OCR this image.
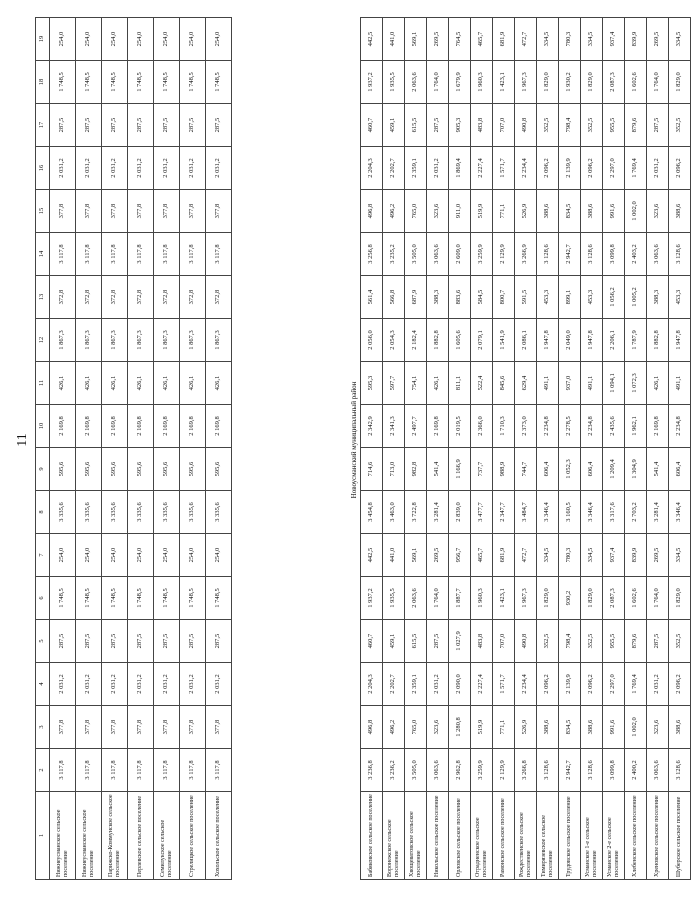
11
1	2	3	4	5	6	7	8	9	10	11	12	13	14	15	16	17	18	19
Нижнеусманское сельское поселение	3 117,8	377,8	2 031,2	287,5	1 748,5	254,0	3 335,6	595,6	2 169,8	426,1	1 867,3	372,8	3 117,8	377,8	2 031,2	287,5	1 748,5	254,0
Нижнеусманское сельское поселение	3 117,8	377,8	2 031,2	287,5	1 748,5	254,0	3 335,6	595,6	2 169,8	426,1	1 867,3	372,8	3 117,8	377,8	2 031,2	287,5	1 748,5	254,0
Парижско-Коммунское сельское поселение	3 117,8	377,8	2 031,2	287,5	1 748,5	254,0	3 335,6	595,6	2 169,8	426,1	1 867,3	372,8	3 117,8	377,8	2 031,2	287,5	1 748,5	254,0
Перлевское сельское поселение	3 117,8	377,8	2 031,2	287,5	1 748,5	254,0	3 335,6	595,6	2 169,8	426,1	1 867,3	372,8	3 117,8	377,8	2 031,2	287,5	1 748,5	254,0
Семилукское сельское поселение	3 117,8	377,8	2 031,2	287,5	1 748,5	254,0	3 335,6	595,6	2 169,8	426,1	1 867,3	372,8	3 117,8	377,8	2 031,2	287,5	1 748,5	254,0
Стрелицкое сельское поселение	3 117,8	377,8	2 031,2	287,5	1 748,5	254,0	3 335,6	595,6	2 169,8	426,1	1 867,3	372,8	3 117,8	377,8	2 031,2	287,5	1 748,5	254,0
Хохольское сельское поселение	3 117,8	377,8	2 031,2	287,5	1 748,5	254,0	3 335,6	595,6	2 169,8	426,1	1 867,3	372,8	3 117,8	377,8	2 031,2	287,5	1 748,5	254,0
Новоусманский муниципальный район
Бабяковское сельское поселение	3 236,8	496,8	2 204,3	460,7	1 937,2	442,5	3 454,8	714,6	2 342,9	595,3	2 056,0	561,4	3 256,8	496,8	2 204,3	460,7	1 937,2	442,5
Воронежское сельское поселение	3 236,2	496,2	2 202,7	459,1	1 935,5	441,0	3 463,0	713,0	2 341,3	597,7	2 054,3	566,8	3 235,2	496,2	2 202,7	459,1	1 935,5	441,0
Хвощеватовское сельское поселение	3 505,0	765,0	2 359,1	615,5	2 063,6	569,1	3 722,8	982,8	2 497,7	754,1	2 182,4	687,9	3 505,0	765,0	2 359,1	615,5	2 063,6	569,1
Никольское сельское поселение	3 063,6	323,6	2 031,2	287,5	1 764,0	269,5	3 281,4	541,4	2 169,8	426,1	1 882,8	388,3	3 063,6	323,6	2 031,2	287,5	1 764,0	269,5
Орловское сельское поселение	2 962,8	1 280,8	2 090,0	1 027,9	1 887,7	956,7	2 839,0	1 166,9	2 019,5	811,1	1 605,6	883,6	2 609,0	911,0	1 869,4	905,3	1 679,9	764,5
Отрадненское сельское поселение	3 259,9	519,9	2 227,4	483,8	1 960,3	465,7	3 477,7	737,7	2 366,0	522,4	2 079,1	584,5	3 259,9	519,9	2 227,4	483,8	1 960,3	465,7
Рамонское сельское поселение	2 129,9	771,1	1 571,7	707,0	1 423,1	681,9	2 347,7	988,9	1 710,3	845,6	1 541,9	800,7	2 129,9	771,1	1 571,7	707,0	1 423,1	681,9
Рождественское сельское поселение	3 266,8	526,9	2 234,4	490,8	1 967,3	472,7	3 484,7	744,7	2 373,0	629,4	2 086,1	591,5	3 266,9	526,9	2 234,4	490,8	1 967,3	472,7
Тимирязевское сельское поселение	3 128,6	388,6	2 096,2	352,5	1 829,0	334,5	3 346,4	606,4	2 234,8	491,1	1 947,8	453,3	3 128,6	388,6	2 096,2	352,5	1 829,0	334,5
Трудовское сельское поселение	2 942,7	834,5	2 139,9	798,4	930,2	780,3	3 160,5	1 052,3	2 278,5	937,0	2 049,0	899,1	2 942,7	834,5	2 139,9	798,4	1 930,2	780,3
Усманское 1-е сельское поселение	3 128,6	388,6	2 096,2	352,5	1 829,0	334,5	3 346,4	606,4	2 234,8	491,1	1 947,8	453,3	3 128,6	388,6	2 096,2	352,5	1 829,0	334,5
Усманское 2-е сельское поселение	3 099,8	991,6	2 297,0	955,5	2 087,3	937,4	3 317,6	1 209,4	2 435,6	1 094,1	2 206,1	1 056,2	3 099,8	991,6	2 297,0	955,5	2 087,3	937,4
Хлебенское сельское поселение	2 400,2	1 002,0	1 769,4	879,6	1 602,6	839,9	2 703,2	1 304,9	1 962,1	1 072,3	1 787,9	1 005,2	2 403,2	1 002,0	1 769,4	879,6	1 602,6	839,9
Хреновское сельское поселение	3 063,6	323,6	2 031,2	287,5	1 764,0	269,5	3 281,4	541,4	2 169,8	426,1	1 882,8	388,3	3 063,6	323,6	2 031,2	287,5	1 764,0	269,5
Шуберское сельское поселение	3 128,6	388,6	2 096,2	352,5	1 829,0	334,5	3 346,4	606,4	2 234,8	491,1	1 947,8	453,3	3 128,6	388,6	2 096,2	352,5	1 829,0	334,5
